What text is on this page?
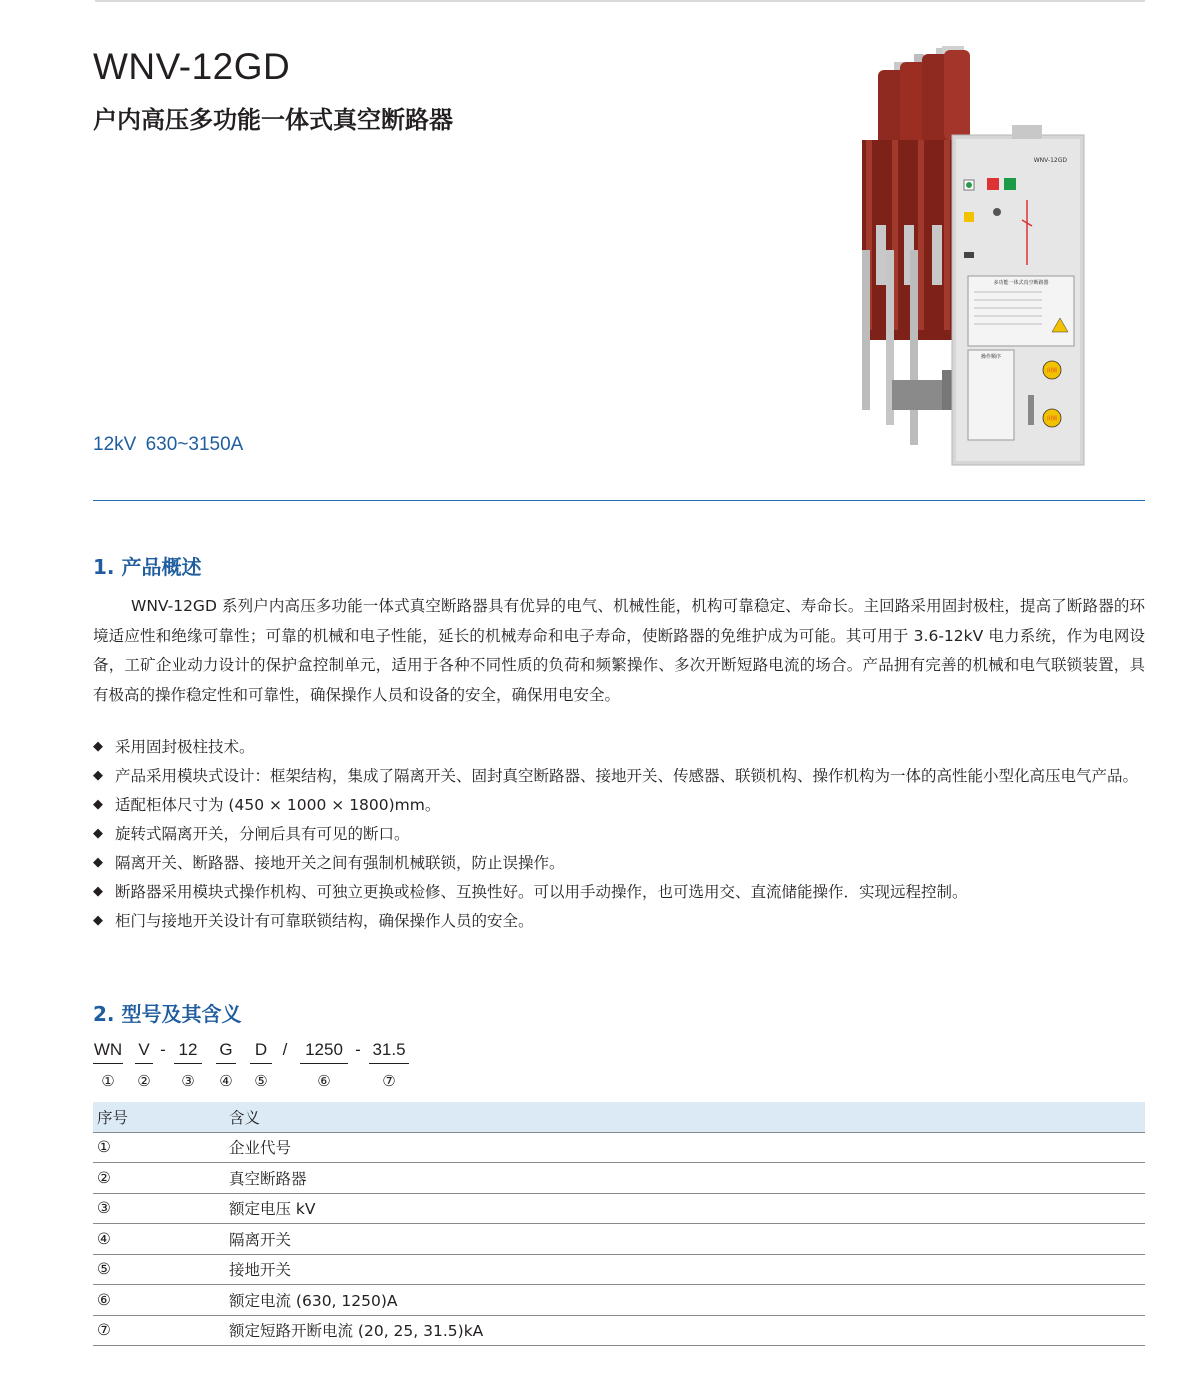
WNV-12GD
户内高压多功能一体式真空断路器
12kV 630~3150A
WNV-12GD
多功能一体式真空断路器
操作顺序
闭锁
闭锁
1. 产品概述
WNV-12GD 系列户内高压多功能一体式真空断路器具有优异的电气、机械性能，机构可靠稳定、寿命长。主回路采用固封极柱，提高了断路器的环境适应性和绝缘可靠性；可靠的机械和电子性能，延长的机械寿命和电子寿命，使断路器的免维护成为可能。其可用于 3.6-12kV 电力系统，作为电网设备，工矿企业动力设计的保护盒控制单元，适用于各种不同性质的负荷和频繁操作、多次开断短路电流的场合。产品拥有完善的机械和电气联锁装置，具有极高的操作稳定性和可靠性，确保操作人员和设备的安全，确保用电安全。
◆ 采用固封极柱技术。
◆ 产品采用模块式设计：框架结构，集成了隔离开关、固封真空断路器、接地开关、传感器、联锁机构、操作机构为一体的高性能小型化高压电气产品。
◆ 适配柜体尺寸为 (450 × 1000 × 1800)mm。
◆ 旋转式隔离开关，分闸后具有可见的断口。
◆ 隔离开关、断路器、接地开关之间有强制机械联锁，防止误操作。
◆ 断路器采用模块式操作机构、可独立更换或检修、互换性好。可以用手动操作，也可选用交、直流储能操作．实现远程控制。
◆ 柜门与接地开关设计有可靠联锁结构，确保操作人员的安全。
2. 型号及其含义
WN V - 12 G D / 1250 - 31.5
①	②	③	④ ⑤	⑥	⑦
序号	含义
①	企业代号
②	真空断路器
③	额定电压 kV
④	隔离开关
⑤	接地开关
⑥	额定电流 (630, 1250)A
⑦	额定短路开断电流 (20, 25, 31.5)kA
